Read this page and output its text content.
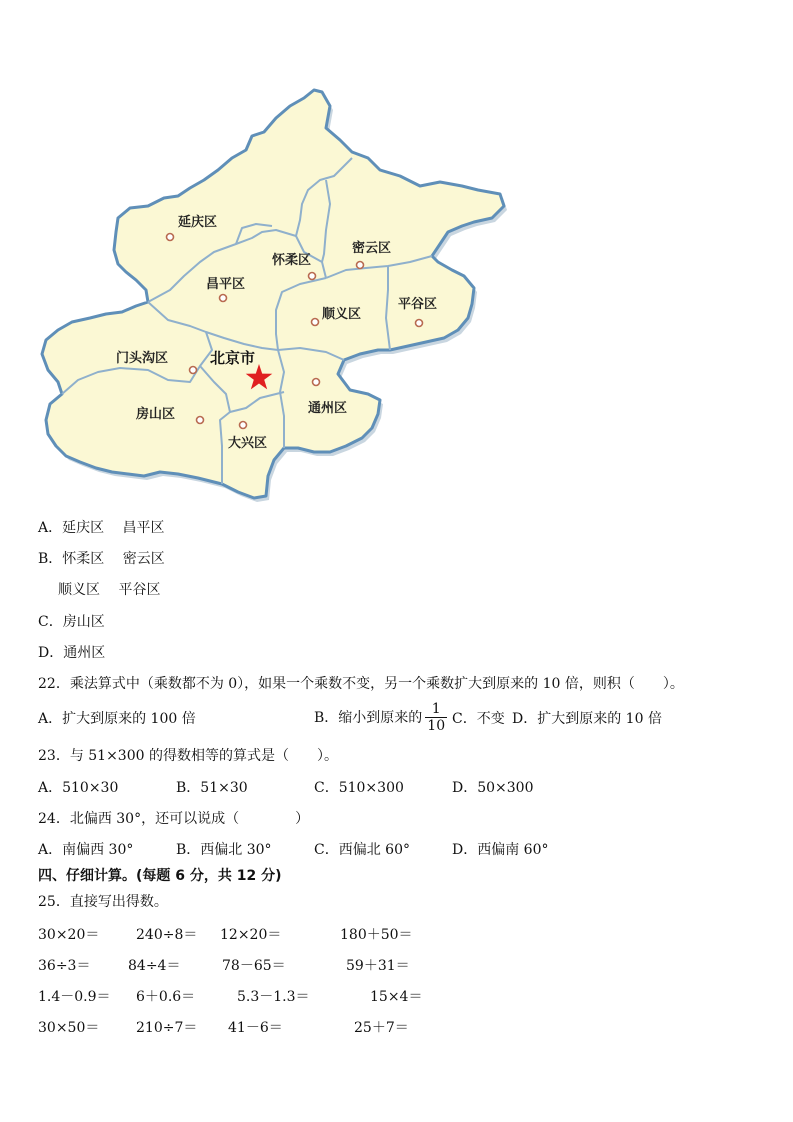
延庆区
怀柔区
密云区
昌平区
平谷区
顺义区
门头沟区	北京市
通州区
房山区
大兴区
A．延庆区 　昌平区
B．怀柔区 　密云区
顺义区 　平谷区
C．房山区
D．通州区
22．乘法算式中（乘数都不为 0），如果一个乘数不变，另一个乘数扩大到原来的 10 倍，则积（　　）。
A．扩大到原来的 100 倍	B．缩小到原来的 $\frac{1}{10}$ C．不变 D．扩大到原来的 10 倍
23．与 51×300 的得数相等的算式是（　　）。
A．510×30	B．51×30	C．510×300	D．50×300
24．北偏西 30°，还可以说成（　　　　）
A．南偏西 30°	B．西偏北 30°	C．西偏北 60°	D．西偏南 60°
四、仔细计算。(每题 6 分，共 12 分)
25．直接写出得数。
30×20＝	240÷8＝ 12×20＝	180＋50＝
36÷3＝	84÷4＝	78－65＝	59＋31＝
1.4－0.9＝ 6＋0.6＝	5.3－1.3＝	15×4＝
30×50＝	210÷7＝ 41－6＝	25＋7＝
